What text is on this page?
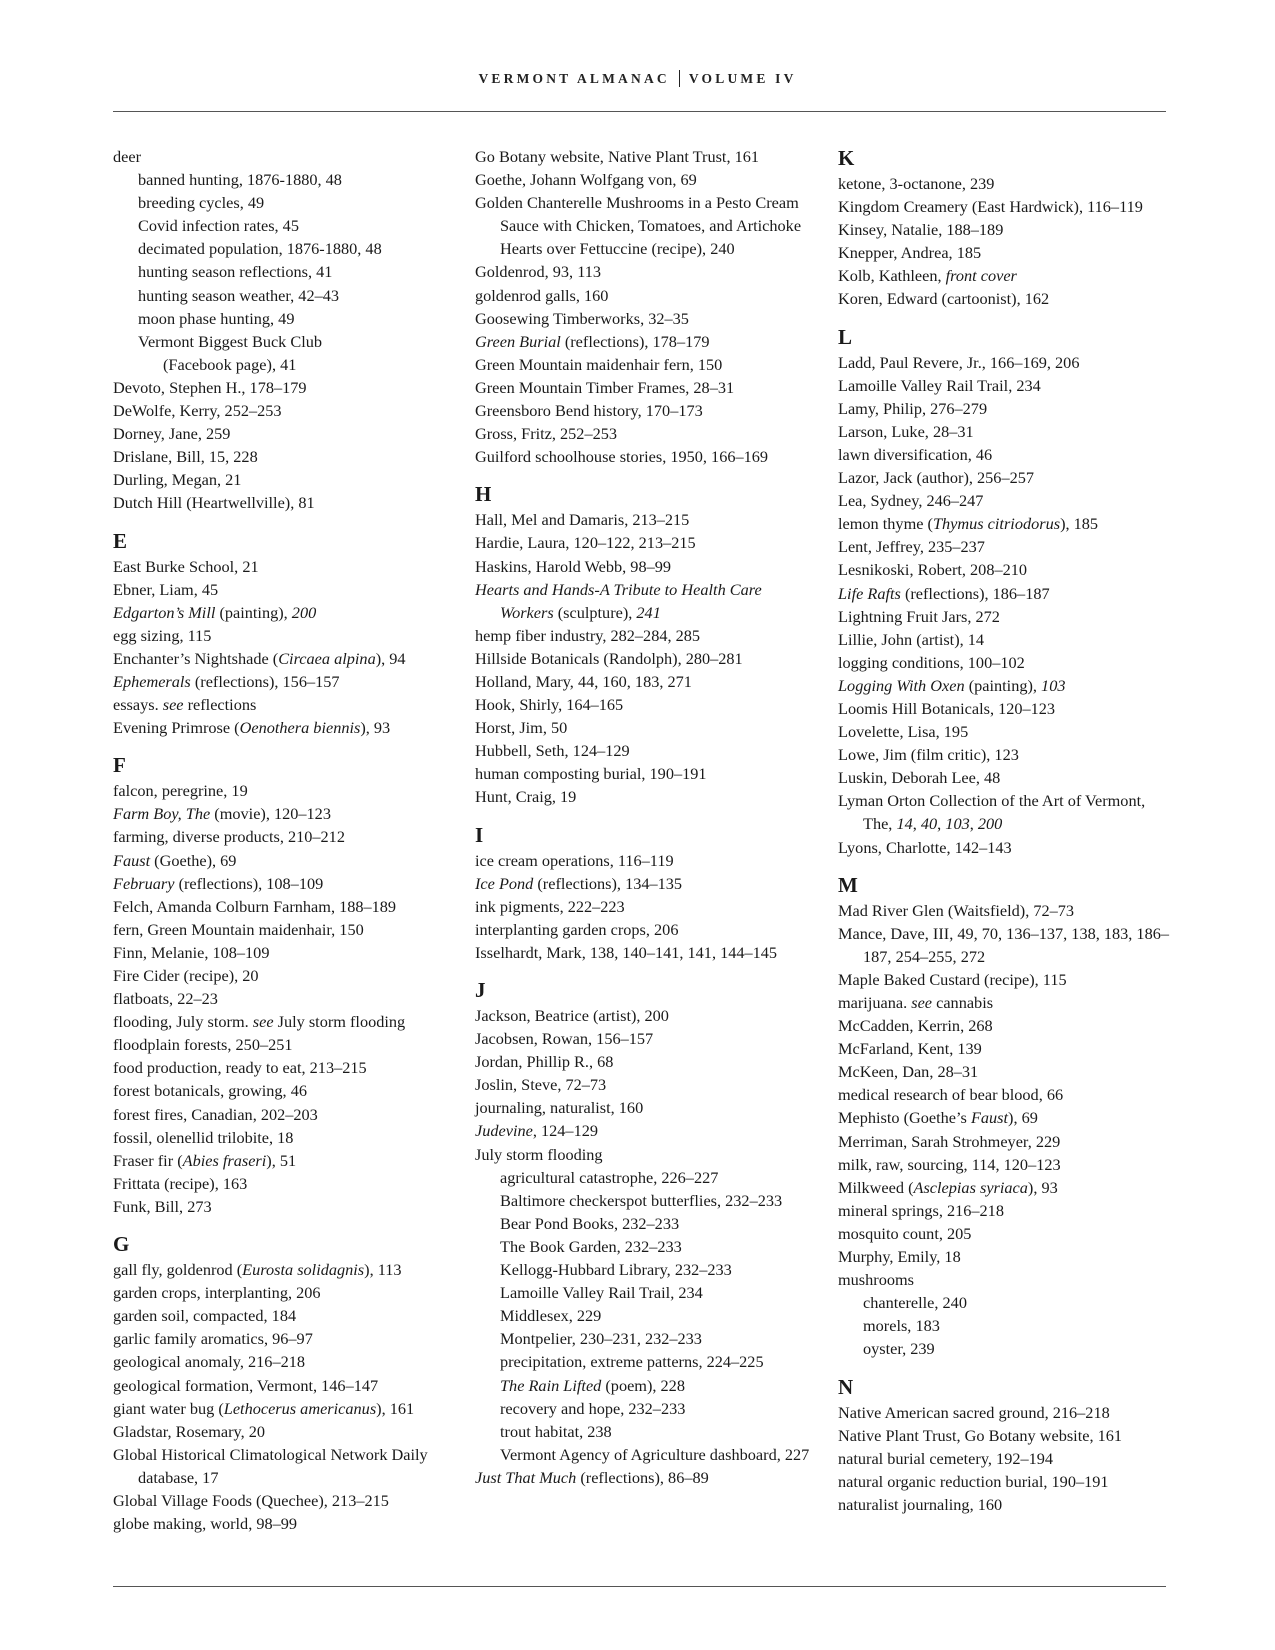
VERMONT ALMANAC VOLUME IV
deer
banned hunting, 1876-1880, 48
breeding cycles, 49
Covid infection rates, 45
decimated population, 1876-1880, 48
hunting season reflections, 41
hunting season weather, 42–43
moon phase hunting, 49
Vermont Biggest Buck Club (Facebook page), 41
Devoto, Stephen H., 178–179
DeWolfe, Kerry, 252–253
Dorney, Jane, 259
Drislane, Bill, 15, 228
Durling, Megan, 21
Dutch Hill (Heartwellville), 81
E
East Burke School, 21
Ebner, Liam, 45
Edgarton’s Mill (painting), 200
egg sizing, 115
Enchanter’s Nightshade (Circaea alpina), 94
Ephemerals (reflections), 156–157
essays. see reflections
Evening Primrose (Oenothera biennis), 93
F
falcon, peregrine, 19
Farm Boy, The (movie), 120–123
farming, diverse products, 210–212
Faust (Goethe), 69
February (reflections), 108–109
Felch, Amanda Colburn Farnham, 188–189
fern, Green Mountain maidenhair, 150
Finn, Melanie, 108–109
Fire Cider (recipe), 20
flatboats, 22–23
flooding, July storm. see July storm flooding
floodplain forests, 250–251
food production, ready to eat, 213–215
forest botanicals, growing, 46
forest fires, Canadian, 202–203
fossil, olenellid trilobite, 18
Fraser fir (Abies fraseri), 51
Frittata (recipe), 163
Funk, Bill, 273
G
gall fly, goldenrod (Eurosta solidagnis), 113
garden crops, interplanting, 206
garden soil, compacted, 184
garlic family aromatics, 96–97
geological anomaly, 216–218
geological formation, Vermont, 146–147
giant water bug (Lethocerus americanus), 161
Gladstar, Rosemary, 20
Global Historical Climatological Network Daily database, 17
Global Village Foods (Quechee), 213–215
globe making, world, 98–99
Go Botany website, Native Plant Trust, 161
Goethe, Johann Wolfgang von, 69
Golden Chanterelle Mushrooms in a Pesto Cream Sauce with Chicken, Tomatoes, and Artichoke Hearts over Fettuccine (recipe), 240
Goldenrod, 93, 113
goldenrod galls, 160
Goosewing Timberworks, 32–35
Green Burial (reflections), 178–179
Green Mountain maidenhair fern, 150
Green Mountain Timber Frames, 28–31
Greensboro Bend history, 170–173
Gross, Fritz, 252–253
Guilford schoolhouse stories, 1950, 166–169
H
Hall, Mel and Damaris, 213–215
Hardie, Laura, 120–122, 213–215
Haskins, Harold Webb, 98–99
Hearts and Hands-A Tribute to Health Care Workers (sculpture), 241
hemp fiber industry, 282–284, 285
Hillside Botanicals (Randolph), 280–281
Holland, Mary, 44, 160, 183, 271
Hook, Shirly, 164–165
Horst, Jim, 50
Hubbell, Seth, 124–129
human composting burial, 190–191
Hunt, Craig, 19
I
ice cream operations, 116–119
Ice Pond (reflections), 134–135
ink pigments, 222–223
interplanting garden crops, 206
Isselhardt, Mark, 138, 140–141, 141, 144–145
J
Jackson, Beatrice (artist), 200
Jacobsen, Rowan, 156–157
Jordan, Phillip R., 68
Joslin, Steve, 72–73
journaling, naturalist, 160
Judevine, 124–129
July storm flooding
agricultural catastrophe, 226–227
Baltimore checkerspot butterflies, 232–233
Bear Pond Books, 232–233
The Book Garden, 232–233
Kellogg-Hubbard Library, 232–233
Lamoille Valley Rail Trail, 234
Middlesex, 229
Montpelier, 230–231, 232–233
precipitation, extreme patterns, 224–225
The Rain Lifted (poem), 228
recovery and hope, 232–233
trout habitat, 238
Vermont Agency of Agriculture dashboard, 227
Just That Much (reflections), 86–89
K
ketone, 3-octanone, 239
Kingdom Creamery (East Hardwick), 116–119
Kinsey, Natalie, 188–189
Knepper, Andrea, 185
Kolb, Kathleen, front cover
Koren, Edward (cartoonist), 162
L
Ladd, Paul Revere, Jr., 166–169, 206
Lamoille Valley Rail Trail, 234
Lamy, Philip, 276–279
Larson, Luke, 28–31
lawn diversification, 46
Lazor, Jack (author), 256–257
Lea, Sydney, 246–247
lemon thyme (Thymus citriodorus), 185
Lent, Jeffrey, 235–237
Lesnikoski, Robert, 208–210
Life Rafts (reflections), 186–187
Lightning Fruit Jars, 272
Lillie, John (artist), 14
logging conditions, 100–102
Logging With Oxen (painting), 103
Loomis Hill Botanicals, 120–123
Lovelette, Lisa, 195
Lowe, Jim (film critic), 123
Luskin, Deborah Lee, 48
Lyman Orton Collection of the Art of Vermont, The, 14, 40, 103, 200
Lyons, Charlotte, 142–143
M
Mad River Glen (Waitsfield), 72–73
Mance, Dave, III, 49, 70, 136–137, 138, 183, 186–187, 254–255, 272
Maple Baked Custard (recipe), 115
marijuana. see cannabis
McCadden, Kerrin, 268
McFarland, Kent, 139
McKeen, Dan, 28–31
medical research of bear blood, 66
Mephisto (Goethe’s Faust), 69
Merriman, Sarah Strohmeyer, 229
milk, raw, sourcing, 114, 120–123
Milkweed (Asclepias syriaca), 93
mineral springs, 216–218
mosquito count, 205
Murphy, Emily, 18
mushrooms
chanterelle, 240
morels, 183
oyster, 239
N
Native American sacred ground, 216–218
Native Plant Trust, Go Botany website, 161
natural burial cemetery, 192–194
natural organic reduction burial, 190–191
naturalist journaling, 160
